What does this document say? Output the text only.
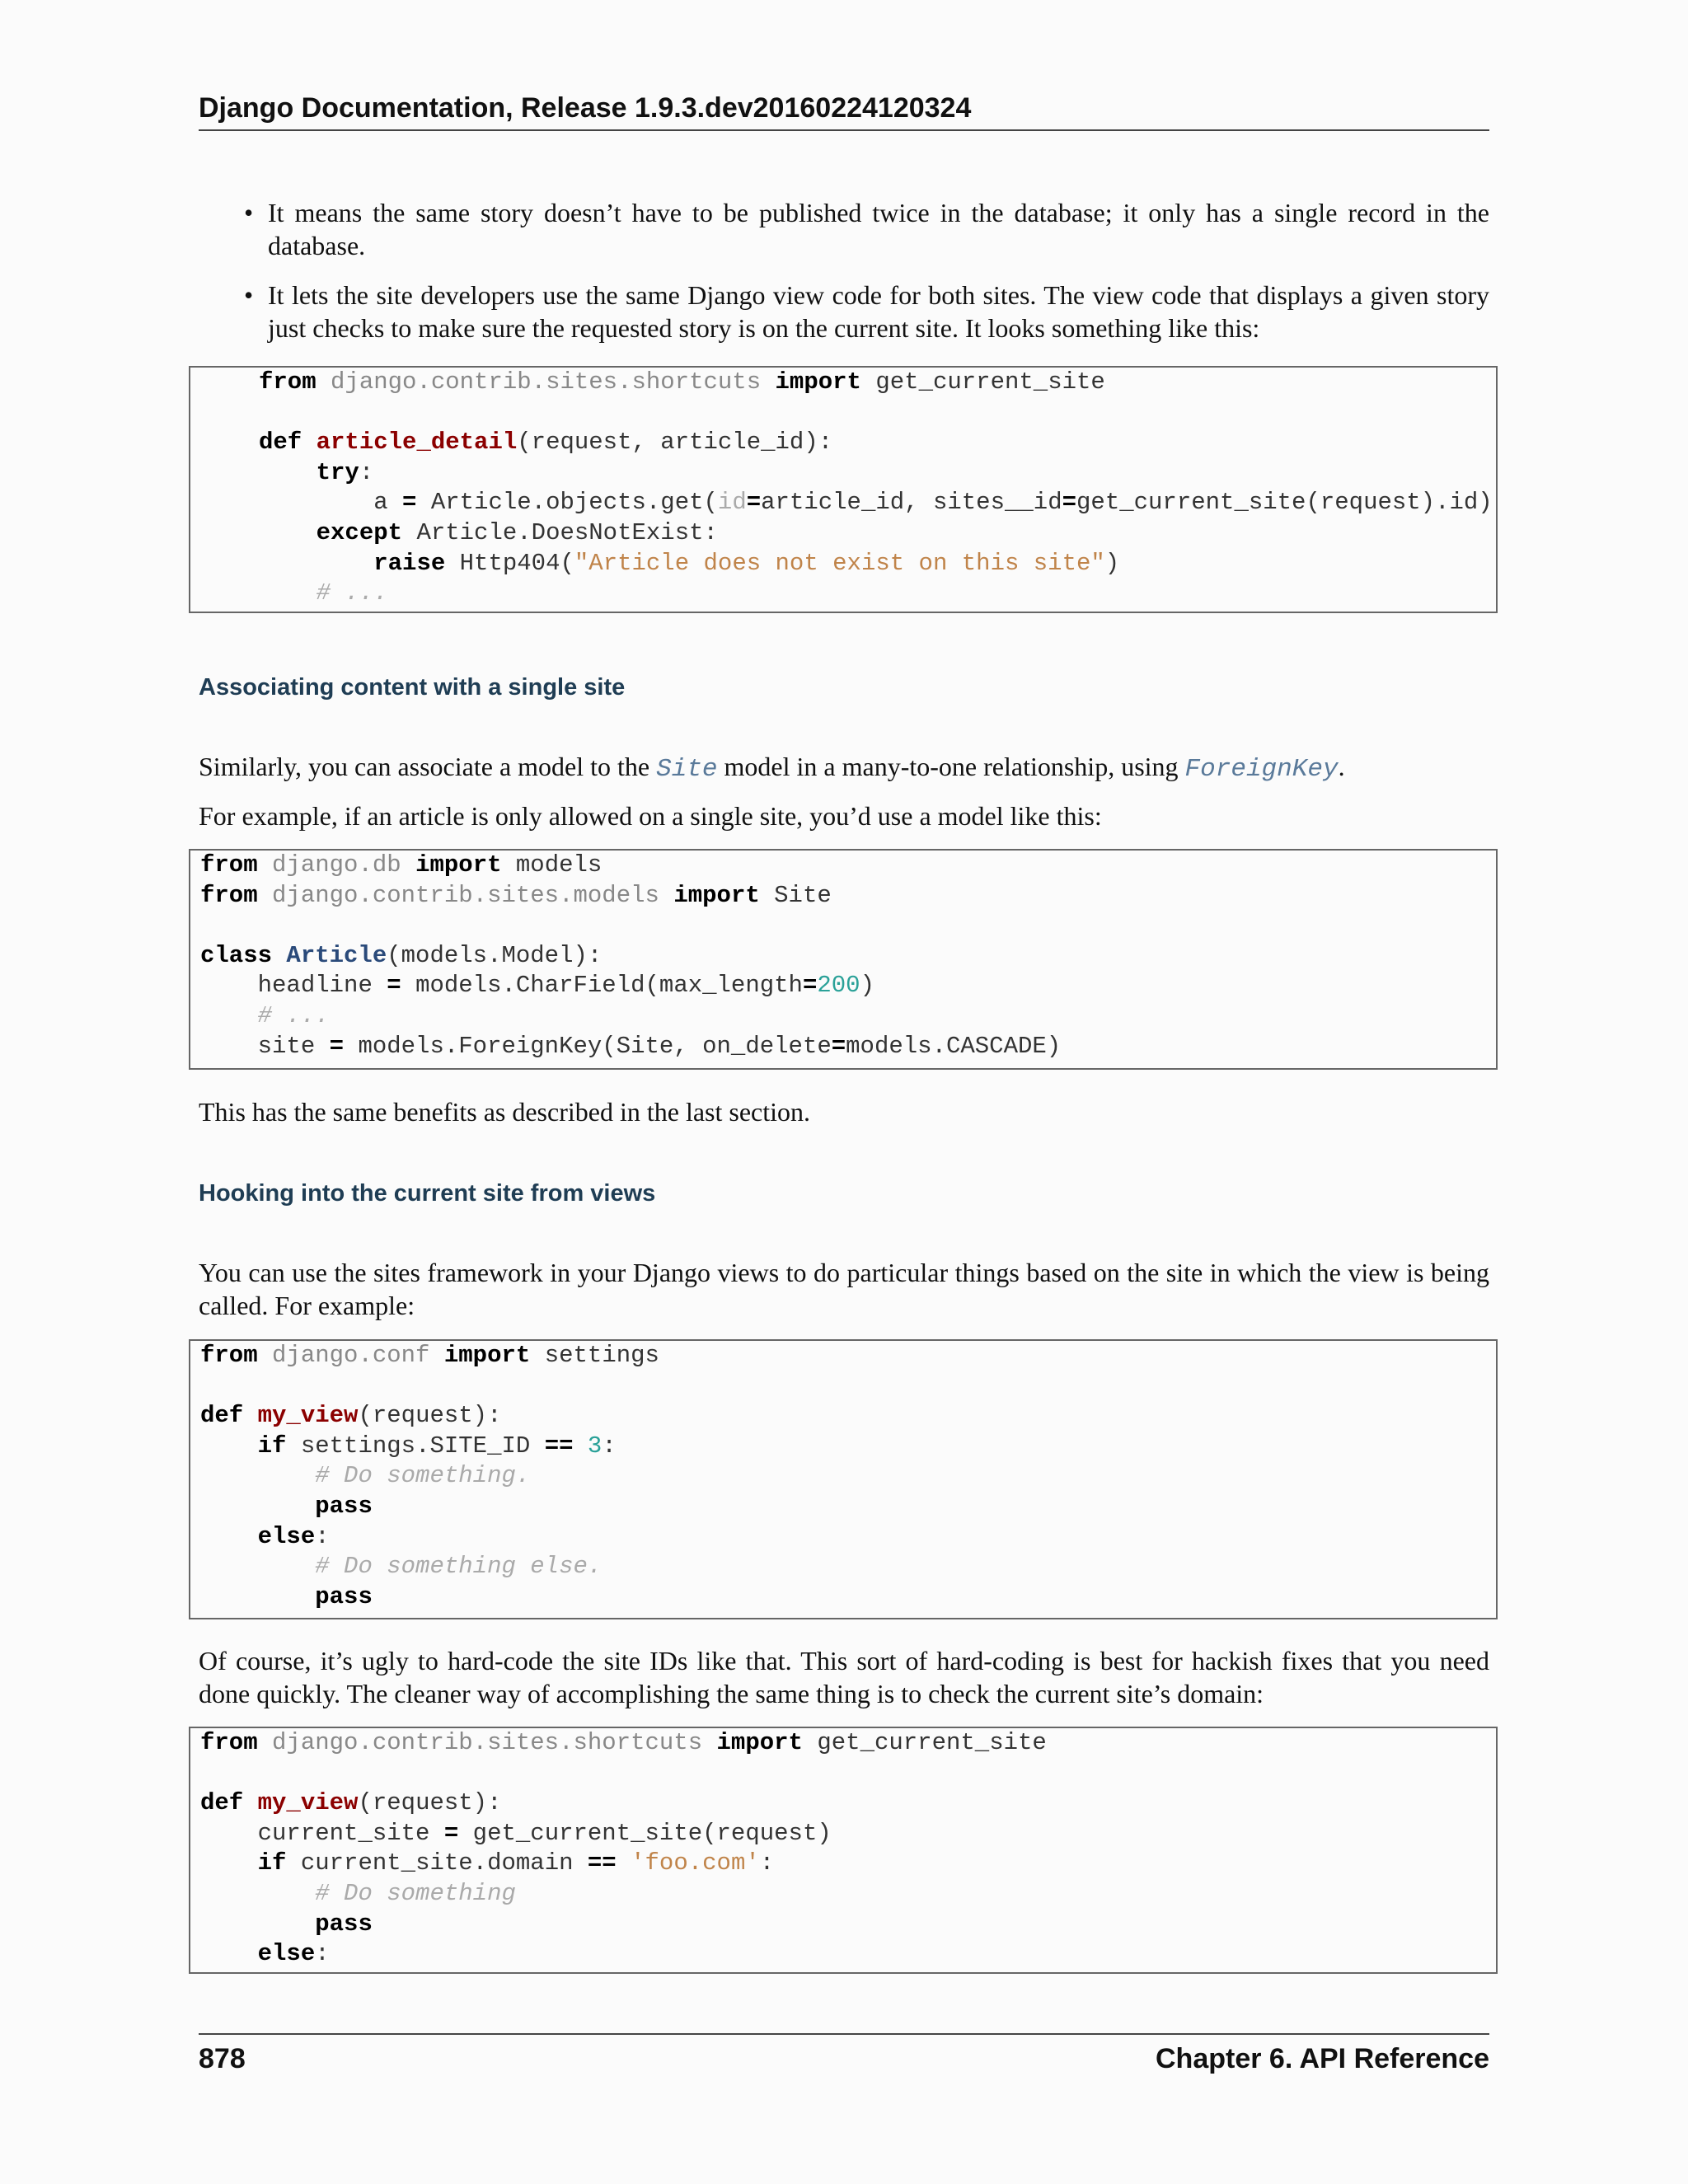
Django Documentation, Release 1.9.3.dev20160224120324
• It means the same story doesn’t have to be published twice in the database; it only has a single record in the database.
• It lets the site developers use the same Django view code for both sites. The view code that displays a given story just checks to make sure the requested story is on the current site. It looks something like this:
from django.contrib.sites.shortcuts import get_current_site

def article_detail(request, article_id):
try:
a = Article.objects.get(id=article_id, sites__id=get_current_site(request).id)
except Article.DoesNotExist:
raise Http404("Article does not exist on this site")
# ...
Associating content with a single site

Similarly, you can associate a model to the Site model in a many-to-one relationship, using ForeignKey.

For example, if an article is only allowed on a single site, you’d use a model like this:

from django.db import models
from django.contrib.sites.models import Site

class Article(models.Model):
headline = models.CharField(max_length=200)
# ...
site = models.ForeignKey(Site, on_delete=models.CASCADE)

This has the same benefits as described in the last section.

Hooking into the current site from views

You can use the sites framework in your Django views to do particular things based on the site in which the view is being called. For example:

from django.conf import settings

def my_view(request):
if settings.SITE_ID == 3:
# Do something.
pass
else:
# Do something else.
pass

Of course, it’s ugly to hard-code the site IDs like that. This sort of hard-coding is best for hackish fixes that you need done quickly. The cleaner way of accomplishing the same thing is to check the current site’s domain:

from django.contrib.sites.shortcuts import get_current_site

def my_view(request):
current_site = get_current_site(request)
if current_site.domain == 'foo.com':
# Do something
pass
else:
878	Chapter 6. API Reference
